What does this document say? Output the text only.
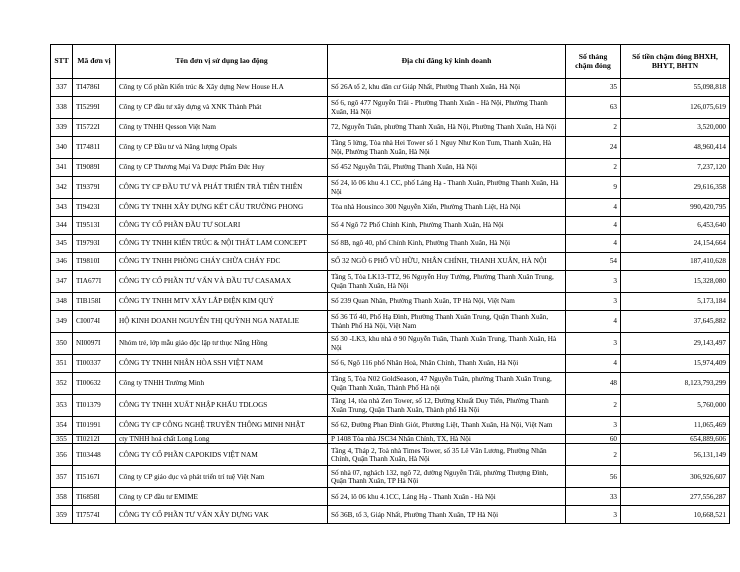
STT	Mã đơn vị	Tên đơn vị sử dụng lao động	Địa chỉ đăng ký kinh doanh	Số tháng chậm đóng	Số tiền chậm đóng BHXH, BHYT, BHTN
337	TI4786I	Công ty Cổ phần Kiến trúc & Xây dựng New House H.A	Số 26A tổ 2, khu dân cư Giáp Nhất, Phường Thanh Xuân, Hà Nội	35	55,098,818
338	TI5299I	Công ty CP đầu tư xây dựng và XNK Thành Phát	Số 6, ngõ 477 Nguyễn Trãi - Phường Thanh Xuân - Hà Nội, Phường Thanh Xuân, Hà Nội	63	126,075,619
339	TI5722I	Công ty TNHH Qesson Việt Nam	72, Nguyễn Tuân, phường Thanh Xuân, Hà Nội, Phường Thanh Xuân, Hà Nội	2	3,520,000
340	TI7481I	Công ty CP Đầu tư và Năng lượng Opals	Tầng 5 lửng, Tòa nhà Hei Tower số 1 Nguy Như Kon Tum, Thanh Xuân, Hà Nội, Phường Thanh Xuân, Hà Nội	24	48,960,414
341	TI9089I	Công ty CP Thương Mại Và Dược Phẩm Đức Huy	Số 452 Nguyễn Trãi, Phường Thanh Xuân, Hà Nội	2	7,237,120
342	TI9379I	CÔNG TY CP ĐẦU TƯ VÀ PHÁT TRIỂN TRÀ TIÊN THIÊN	Số 24, lô 06 khu 4.1 CC, phố Láng Hạ - Thanh Xuân, Phường Thanh Xuân, Hà Nội	9	29,616,358
343	TI9423I	CÔNG TY TNHH XÂY DỰNG KẾT CẤU TRƯỜNG PHONG	Tòa nhà Housinco 300 Nguyễn Xiển, Phường Thanh Liệt, Hà Nội	4	990,420,795
344	TI9513I	CÔNG TY CỔ PHẦN ĐẦU TƯ SOLARI	Số 4 Ngõ 72 Phố Chính Kinh, Phường Thanh Xuân, Hà Nội	4	6,453,640
345	TI9793I	CÔNG TY TNHH KIẾN TRÚC & NỘI THẤT LAM CONCEPT	Số 8B, ngõ 40, phố Chính Kinh, Phường Thanh Xuân, Hà Nội	4	24,154,664
346	TI9810I	CÔNG TY TNHH PHÒNG CHÁY CHỮA CHÁY FDC	SỐ 32 NGÕ 6 PHỐ VŨ HỮU, NHÂN CHÍNH, THANH XUÂN, HÀ NỘI	54	187,410,628
347	TIA677I	CÔNG TY CỔ PHẦN TƯ VẤN VÀ ĐẦU TƯ CASAMAX	Tầng 5, Tòa LK13-TT2, 96 Nguyễn Huy Tưởng, Phường Thanh Xuân Trung, Quận Thanh Xuân, Hà Nội	3	15,328,080
348	TIB158I	CÔNG TY TNHH MTV XÂY LẮP ĐIỆN KIM QUÝ	Số 239 Quan Nhân, Phường Thanh Xuân, TP Hà Nội, Việt Nam	3	5,173,184
349	CI0074I	HỘ KINH DOANH NGUYỄN THỊ QUỲNH NGA NATALIE	Số 36 Tổ 40, Phố Hạ Đình, Phường Thanh Xuân Trung, Quận Thanh Xuân, Thành Phố Hà Nội, Việt Nam	4	37,645,882
350	NI0097I	Nhóm trẻ, lớp mẫu giáo độc lập tư thục Nắng Hồng	Số 30 -LK3, khu nhà ở 90 Nguyễn Tuân, Thanh Xuân Trung, Thanh Xuân, Hà Nội	3	29,143,497
351	TI00337	CÔNG TY TNHH NHÂN HÒA SSH VIỆT NAM	Số 6, Ngõ 116 phố Nhân Hoà, Nhân Chính, Thanh Xuân, Hà Nội	4	15,974,409
352	TI00632	Công ty TNHH Trường Minh	Tầng 5, Tòa N02 GoldSeason, 47 Nguyễn Tuân, phường Thanh Xuân Trung, Quận Thanh Xuân, Thành Phố Hà nội	48	8,123,793,299
353	TI01379	CÔNG TY TNHH XUẤT NHẬP KHẨU TDLOGS	Tầng 14, tòa nhà Zen Tower, số 12, Đường Khuất Duy Tiến, Phường Thanh Xuân Trung, Quận Thanh Xuân, Thành phố Hà Nội	2	5,760,000
354	TI01991	CÔNG TY CP CÔNG NGHỆ TRUYỀN THÔNG MINH NHẬT	Số 62, Đường Phan Đình Giót, Phương Liệt, Thanh Xuân, Hà Nội, Việt Nam	3	11,065,469
355	TI0212I	cty TNHH hoá chất Long Long	P 1408 Tòa nhà JSC34 Nhân Chính, TX, Hà Nội	60	654,889,606
356	TI03448	CÔNG TY CỔ PHẦN CAPOKIDS VIỆT NAM	Tầng 4, Tháp 2, Toà nhà Times Tower, số 35 Lê Văn Lương, Phường Nhân Chính, Quận Thanh Xuân, Hà Nội	2	56,131,149
357	TI5167I	Công ty CP giáo dục và phát triển trí tuệ Việt Nam	Số nhà 07, nghách 132, ngõ 72, đường Nguyễn Trãi, phường Thượng Đình, Quận Thanh Xuân, TP Hà Nội	56	306,926,607
358	TI6858I	Công ty CP đầu tư EMIME	Số 24, lô 06 khu 4.1CC, Láng Hạ - Thanh Xuân - Hà Nội	33	277,556,287
359	TI7574I	CÔNG TY CỔ PHẦN TƯ VẤN XÂY DỰNG VAK	Số 36B, tổ 3, Giáp Nhất, Phường Thanh Xuân, TP Hà Nội	3	10,668,521
